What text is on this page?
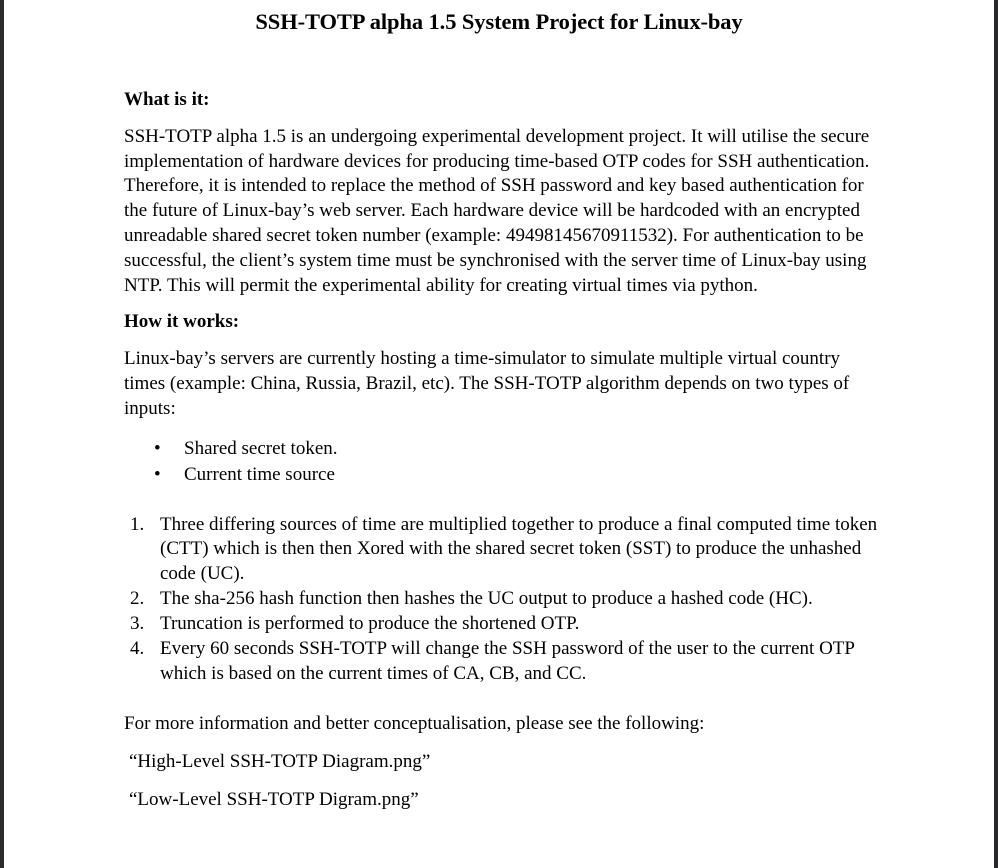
SSH-TOTP alpha 1.5 System Project for Linux-bay
What is it:

SSH-TOTP alpha 1.5 is an undergoing experimental development project. It will utilise the secure implementation of hardware devices for producing time-based OTP codes for SSH authentication. Therefore, it is intended to replace the method of SSH password and key based authentication for the future of Linux-bay’s web server. Each hardware device will be hardcoded with an encrypted unreadable shared secret token number (example: 49498145670911532). For authentication to be successful, the client’s system time must be synchronised with the server time of Linux-bay using NTP. This will permit the experimental ability for creating virtual times via python.

How it works:

Linux-bay’s servers are currently hosting a time-simulator to simulate multiple virtual country times (example: China, Russia, Brazil, etc). The SSH-TOTP algorithm depends on two types of inputs:

• Shared secret token.
• Current time source
1. Three differing sources of time are multiplied together to produce a final computed time token (CTT) which is then then Xored with the shared secret token (SST) to produce the unhashed code (UC).
2. The sha-256 hash function then hashes the UC output to produce a hashed code (HC).
3. Truncation is performed to produce the shortened OTP.
4. Every 60 seconds SSH-TOTP will change the SSH password of the user to the current OTP which is based on the current times of CA, CB, and CC.

For more information and better conceptualisation, please see the following:

“High-Level SSH-TOTP Diagram.png”

“Low-Level SSH-TOTP Digram.png”
